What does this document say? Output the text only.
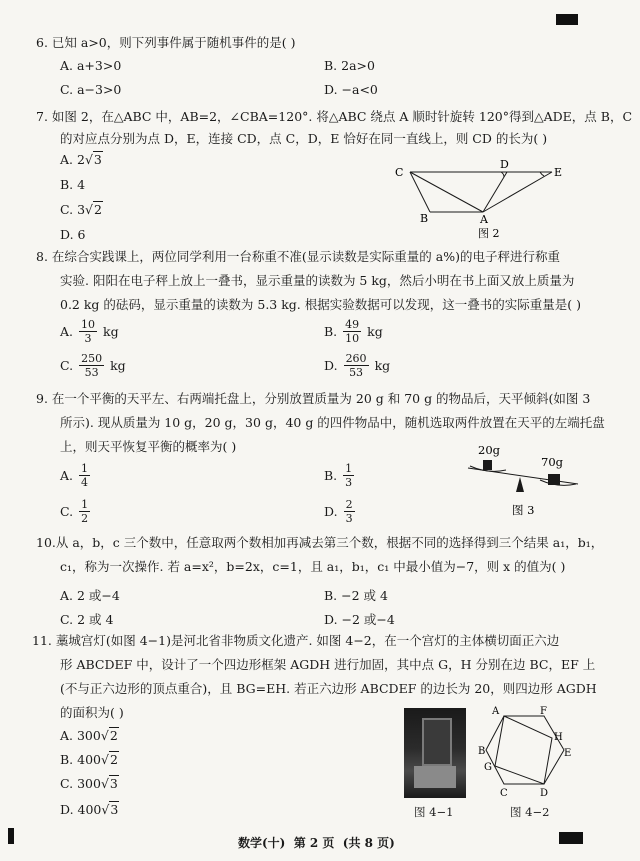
6. 已知 a>0，则下列事件属于随机事件的是( )
A. a+3>0	B. 2a>0
C. a−3>0	D. −a<0
7. 如图 2，在△ABC 中，AB=2，∠CBA=120°. 将△ABC 绕点 A 顺时针旋转 120°得到△ADE，点 B，C
的对应点分别为点 D，E，连接 CD，点 C，D，E 恰好在同一直线上，则 CD 的长为( )
A. 2√3
B. 4
C. 3√2
D. 6
C
D
E
B	A
图 2
8. 在综合实践课上，两位同学利用一台称重不准(显示读数是实际重量的 a%)的电子秤进行称重
实验. 阳阳在电子秤上放上一叠书，显示重量的读数为 5 kg，然后小明在书上面又放上质量为
0.2 kg 的砝码，显示重量的读数为 5.3 kg. 根据实验数据可以发现，这一叠书的实际重量是( )
A. $\frac{10}{3}$ kg	B. $\frac{49}{10}$ kg
C. $\frac{250}{53}$ kg	D. $\frac{260}{53}$ kg
9. 在一个平衡的天平左、右两端托盘上，分别放置质量为 20 g 和 70 g 的物品后，天平倾斜(如图 3
所示). 现从质量为 10 g，20 g，30 g，40 g 的四件物品中，随机选取两件放置在天平的左端托盘
上，则天平恢复平衡的概率为( )
A. $\frac{1}{4}$	B. $\frac{1}{3}$
C. $\frac{1}{2}$	D. $\frac{2}{3}$
20g
70g
图 3
10.从 a，b，c 三个数中，任意取两个数相加再减去第三个数，根据不同的选择得到三个结果 a₁，b₁，
c₁，称为一次操作. 若 a=x²，b=2x，c=1，且 a₁，b₁，c₁ 中最小值为−7，则 x 的值为( )
A. 2 或−4	B. −2 或 4
C. 2 或 4	D. −2 或−4
11. 藁城宫灯(如图 4−1)是河北省非物质文化遗产. 如图 4−2，在一个宫灯的主体横切面正六边
形 ABCDEF 中，设计了一个四边形框架 AGDH 进行加固，其中点 G，H 分别在边 BC，EF 上
(不与正六边形的顶点重合)，且 BG=EH. 若正六边形 ABCDEF 的边长为 20，则四边形 AGDH
的面积为( )
A. 300√2
B. 400√2
C. 300√3
D. 400√3	图 4−1
A	F
B
H
E
G
C	D
图 4−2
数学(十)  第 2 页  (共 8 页)
